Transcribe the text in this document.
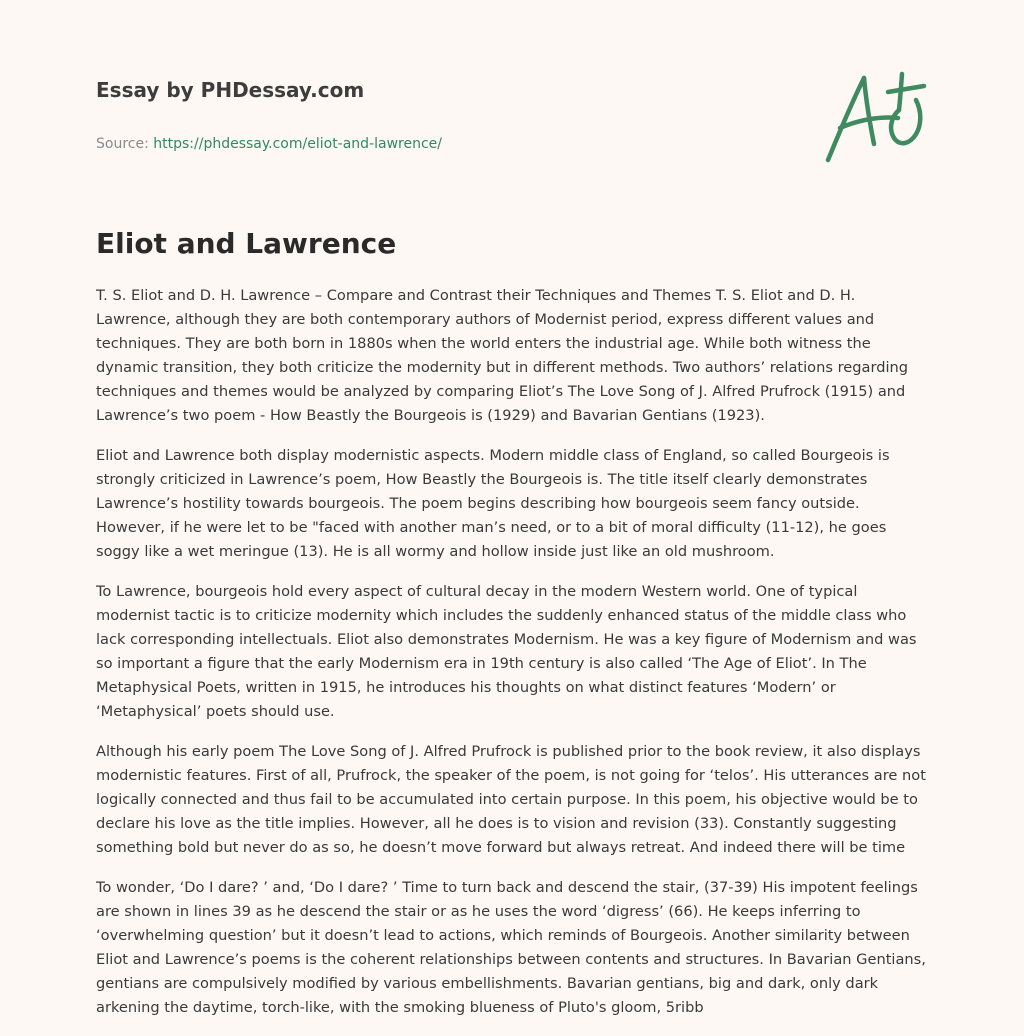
Essay by PHDessay.com
Source: https://phdessay.com/eliot-and-lawrence/
Eliot and Lawrence

T. S. Eliot and D. H. Lawrence – Compare and Contrast their Techniques and Themes T. S. Eliot and D. H. Lawrence, although they are both contemporary authors of Modernist period, express different values and techniques. They are both born in 1880s when the world enters the industrial age. While both witness the dynamic transition, they both criticize the modernity but in different methods. Two authors’ relations regarding techniques and themes would be analyzed by comparing Eliot’s The Love Song of J. Alfred Prufrock (1915) and Lawrence’s two poem - How Beastly the Bourgeois is (1929) and Bavarian Gentians (1923).

Eliot and Lawrence both display modernistic aspects. Modern middle class of England, so called Bourgeois is strongly criticized in Lawrence’s poem, How Beastly the Bourgeois is. The title itself clearly demonstrates Lawrence’s hostility towards bourgeois. The poem begins describing how bourgeois seem fancy outside. However, if he were let to be "faced with another man’s need, or to a bit of moral difficulty (11-12), he goes soggy like a wet meringue (13). He is all wormy and hollow inside just like an old mushroom.

To Lawrence, bourgeois hold every aspect of cultural decay in the modern Western world. One of typical modernist tactic is to criticize modernity which includes the suddenly enhanced status of the middle class who lack corresponding intellectuals. Eliot also demonstrates Modernism. He was a key figure of Modernism and was so important a figure that the early Modernism era in 19th century is also called ‘The Age of Eliot’. In The Metaphysical Poets, written in 1915, he introduces his thoughts on what distinct features ‘Modern’ or ‘Metaphysical’ poets should use.

Although his early poem The Love Song of J. Alfred Prufrock is published prior to the book review, it also displays modernistic features. First of all, Prufrock, the speaker of the poem, is not going for ‘telos’. His utterances are not logically connected and thus fail to be accumulated into certain purpose. In this poem, his objective would be to declare his love as the title implies. However, all he does is to vision and revision (33). Constantly suggesting something bold but never do as so, he doesn’t move forward but always retreat. And indeed there will be time

To wonder, ‘Do I dare? ’ and, ‘Do I dare? ’ Time to turn back and descend the stair, (37-39) His impotent feelings are shown in lines 39 as he descend the stair or as he uses the word ‘digress’ (66). He keeps inferring to ‘overwhelming question’ but it doesn’t lead to actions, which reminds of Bourgeois. Another similarity between Eliot and Lawrence’s poems is the coherent relationships between contents and structures. In Bavarian Gentians, gentians are compulsively modified by various embellishments. Bavarian gentians, big and dark, only dark arkening the daytime, torch-like, with the smoking blueness of Pluto's gloom, 5ribb
